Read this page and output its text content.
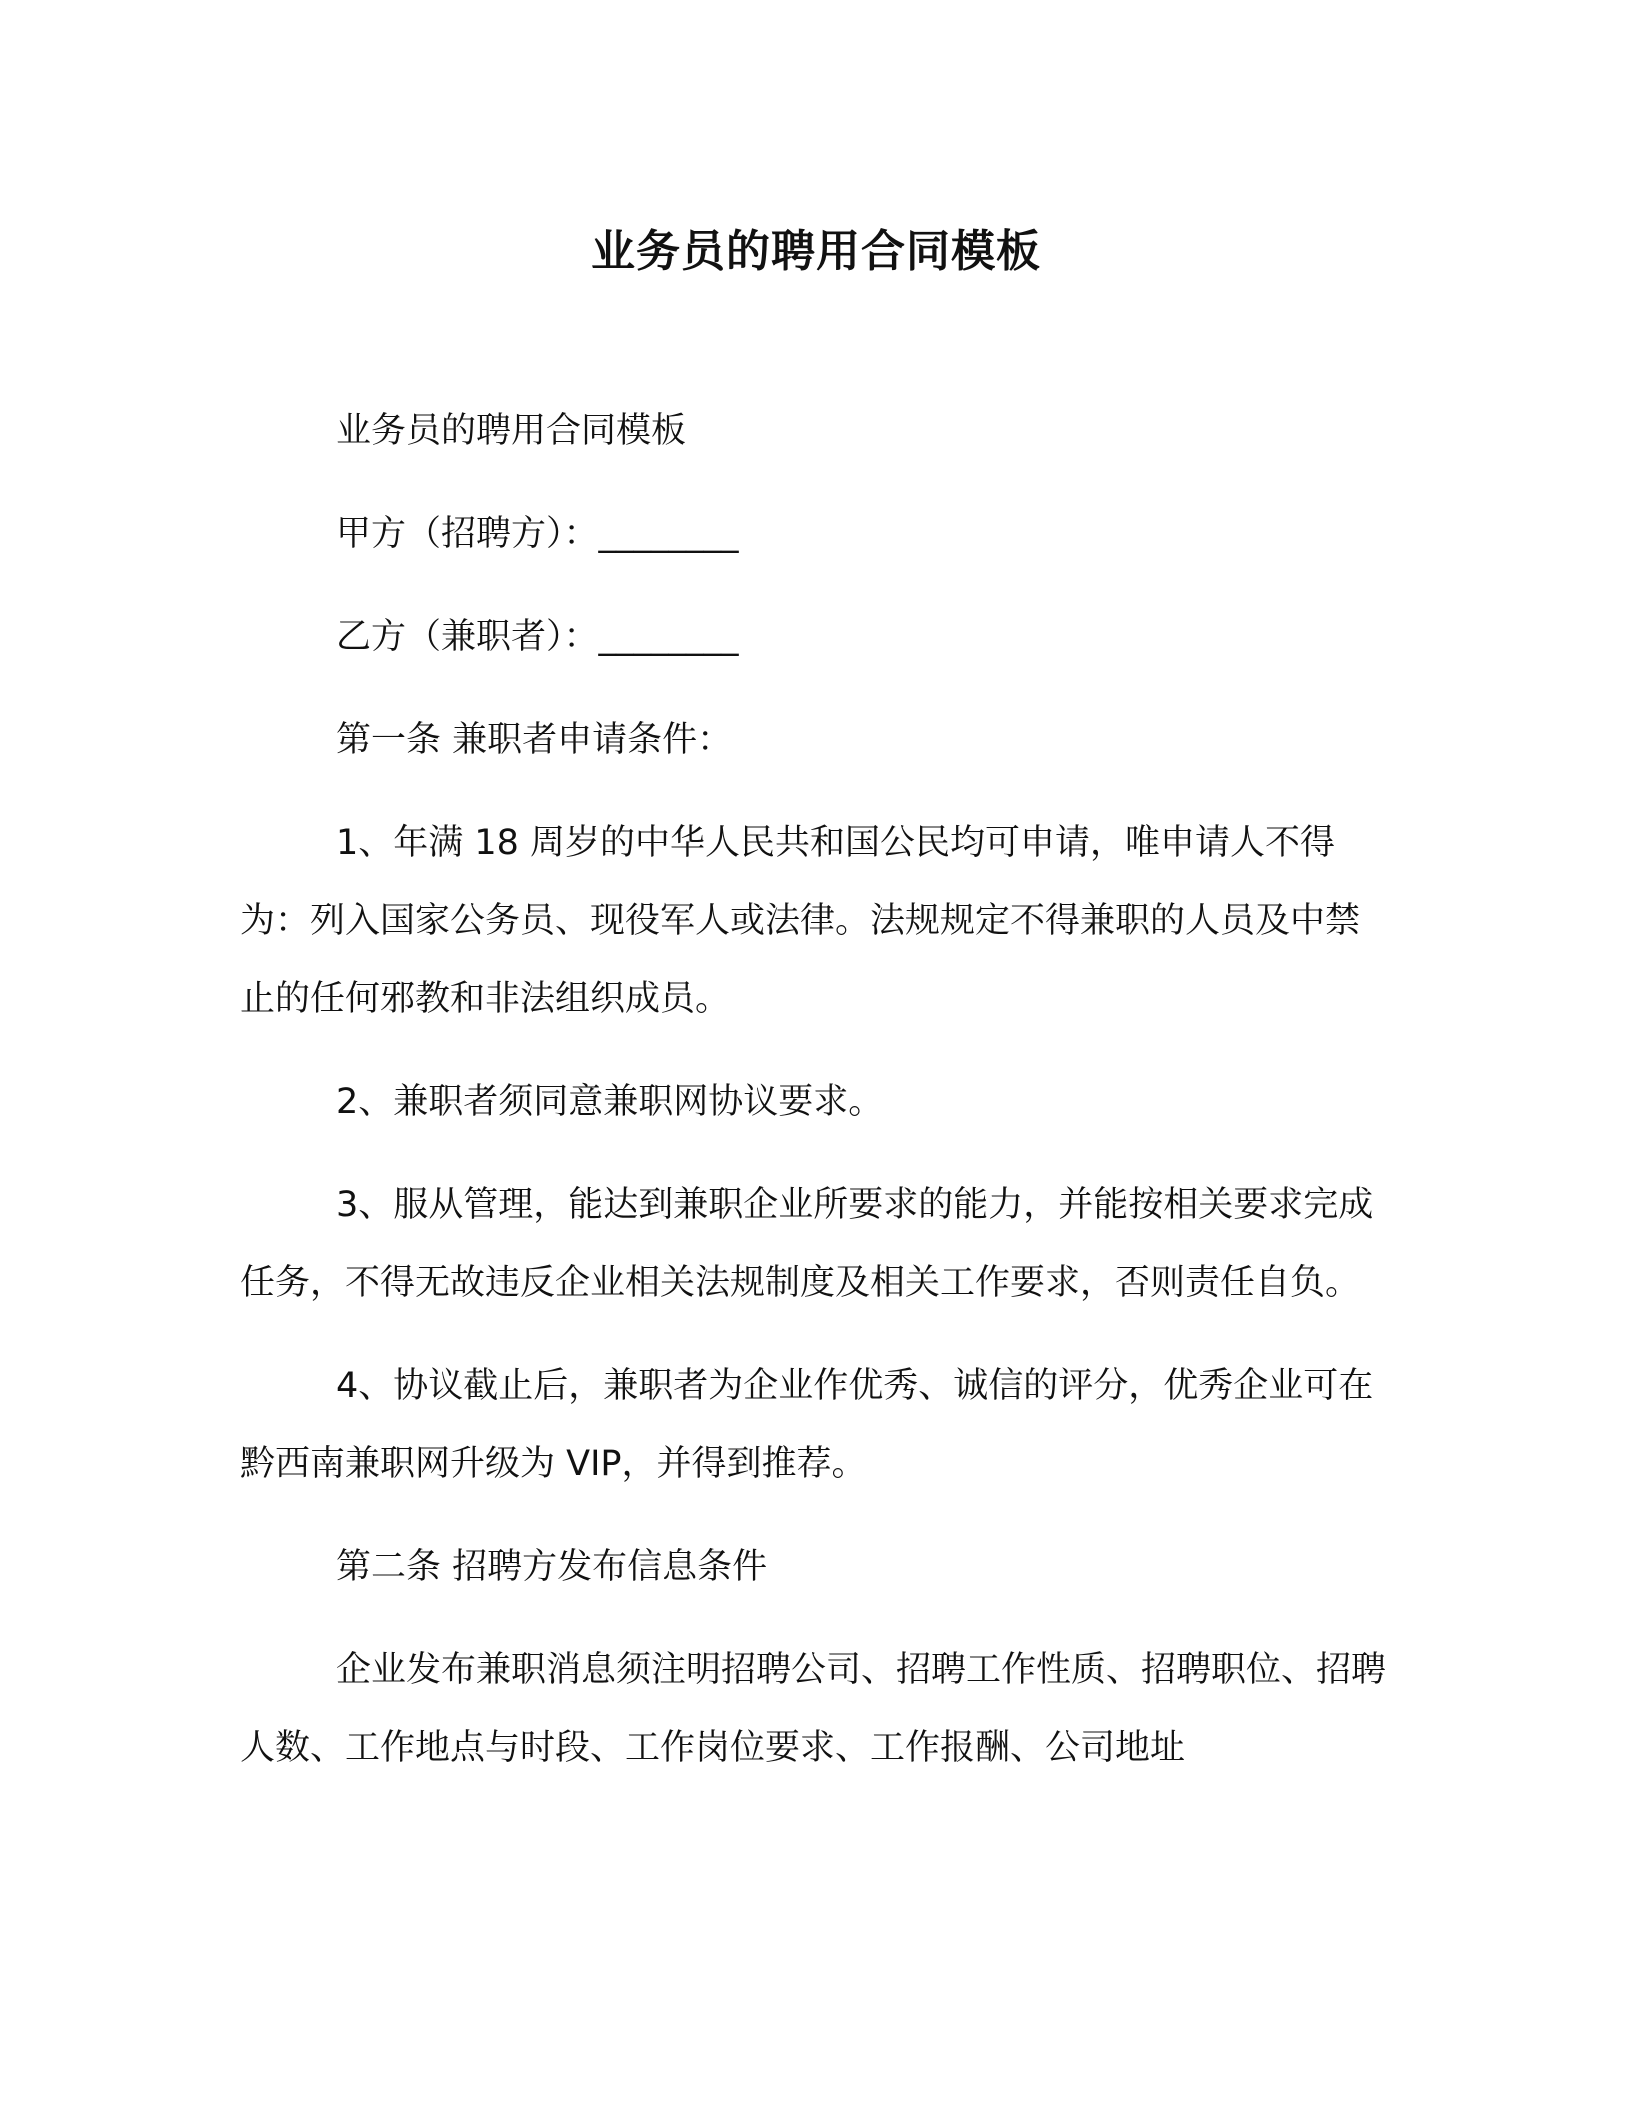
业务员的聘用合同模板

业务员的聘用合同模板

甲方（招聘方）：________

乙方（兼职者）：________

第一条 兼职者申请条件：

1、年满 18 周岁的中华人民共和国公民均可申请，唯申请人不得为：列入国家公务员、现役军人或法律。法规规定不得兼职的人员及中禁止的任何邪教和非法组织成员。

2、兼职者须同意兼职网协议要求。

3、服从管理，能达到兼职企业所要求的能力，并能按相关要求完成任务，不得无故违反企业相关法规制度及相关工作要求，否则责任自负。

4、协议截止后，兼职者为企业作优秀、诚信的评分，优秀企业可在黔西南兼职网升级为 VIP，并得到推荐。

第二条 招聘方发布信息条件

企业发布兼职消息须注明招聘公司、招聘工作性质、招聘职位、招聘人数、工作地点与时段、工作岗位要求、工作报酬、公司地址
